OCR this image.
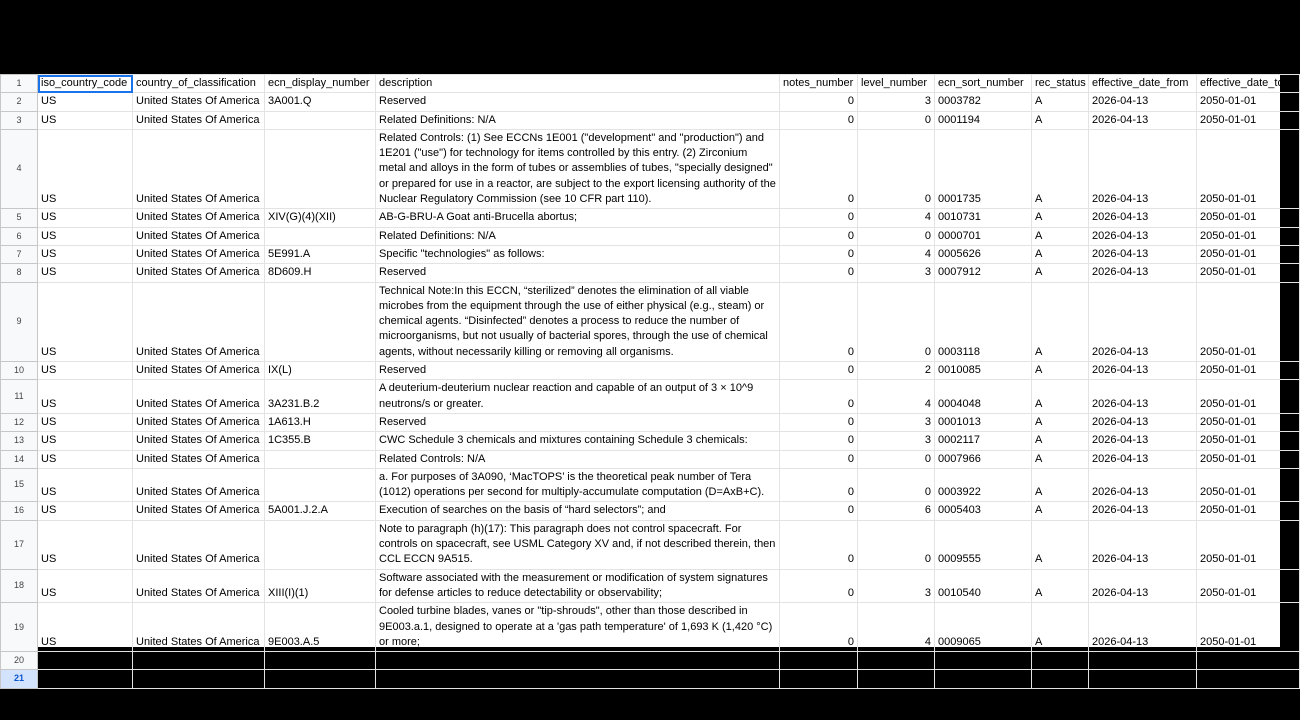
1	iso_country_code	country_of_classification	ecn_display_number	description	notes_number	level_number	ecn_sort_number	rec_status	effective_date_from	effective_date_to
2	US	United States Of America	3A001.Q	Reserved	0	3	0003782	A	2026-04-13	2050-01-01
3	US	United States Of America		Related Definitions: N/A	0	0	0001194	A	2026-04-13	2050-01-01
4	US	United States Of America		Related Controls: (1) See ECCNs 1E001 ("development" and "production") and 1E201 ("use") for technology for items controlled by this entry. (2) Zirconium metal and alloys in the form of tubes or assemblies of tubes, "specially designed" or prepared for use in a reactor, are subject to the export licensing authority of the Nuclear Regulatory Commission (see 10 CFR part 110).	0	0	0001735	A	2026-04-13	2050-01-01
5	US	United States Of America	XIV(G)(4)(XII)	AB-G-BRU-A Goat anti-Brucella abortus;	0	4	0010731	A	2026-04-13	2050-01-01
6	US	United States Of America		Related Definitions: N/A	0	0	0000701	A	2026-04-13	2050-01-01
7	US	United States Of America	5E991.A	Specific "technologies" as follows:	0	4	0005626	A	2026-04-13	2050-01-01
8	US	United States Of America	8D609.H	Reserved	0	3	0007912	A	2026-04-13	2050-01-01
9	US	United States Of America		Technical Note:In this ECCN, “sterilized” denotes the elimination of all viable microbes from the equipment through the use of either physical (e.g., steam) or chemical agents. “Disinfected” denotes a process to reduce the number of microorganisms, but not usually of bacterial spores, through the use of chemical agents, without necessarily killing or removing all organisms.	0	0	0003118	A	2026-04-13	2050-01-01
10	US	United States Of America	IX(L)	Reserved	0	2	0010085	A	2026-04-13	2050-01-01
11	US	United States Of America	3A231.B.2	A deuterium-deuterium nuclear reaction and capable of an output of 3 × 10^9 neutrons/s or greater.	0	4	0004048	A	2026-04-13	2050-01-01
12	US	United States Of America	1A613.H	Reserved	0	3	0001013	A	2026-04-13	2050-01-01
13	US	United States Of America	1C355.B	CWC Schedule 3 chemicals and mixtures containing Schedule 3 chemicals:	0	3	0002117	A	2026-04-13	2050-01-01
14	US	United States Of America		Related Controls: N/A	0	0	0007966	A	2026-04-13	2050-01-01
15	US	United States Of America		a. For purposes of 3A090, ‘MacTOPS’ is the theoretical peak number of Tera (1012) operations per second for multiply-accumulate computation (D=AxB+C).	0	0	0003922	A	2026-04-13	2050-01-01
16	US	United States Of America	5A001.J.2.A	Execution of searches on the basis of “hard selectors”; and	0	6	0005403	A	2026-04-13	2050-01-01
17	US	United States Of America		Note to paragraph (h)(17): This paragraph does not control spacecraft. For controls on spacecraft, see USML Category XV and, if not described therein, then CCL ECCN 9A515.	0	0	0009555	A	2026-04-13	2050-01-01
18	US	United States Of America	XIII(I)(1)	Software associated with the measurement or modification of system signatures for defense articles to reduce detectability or observability;	0	3	0010540	A	2026-04-13	2050-01-01
19	US	United States Of America	9E003.A.5	Cooled turbine blades, vanes or "tip-shrouds", other than those described in 9E003.a.1, designed to operate at a 'gas path temperature' of 1,693 K (1,420 °C) or more;	0	4	0009065	A	2026-04-13	2050-01-01
20	US	United States Of America	1B608.H	Reserved	0	3	0001247	A	2026-04-13	2050-01-01
21	US	United States Of America	5A991.B.5.D	Employing wavelength division multiplexing techniques; or	0	6	0005456	A	2026-04-13	2050-01-01
